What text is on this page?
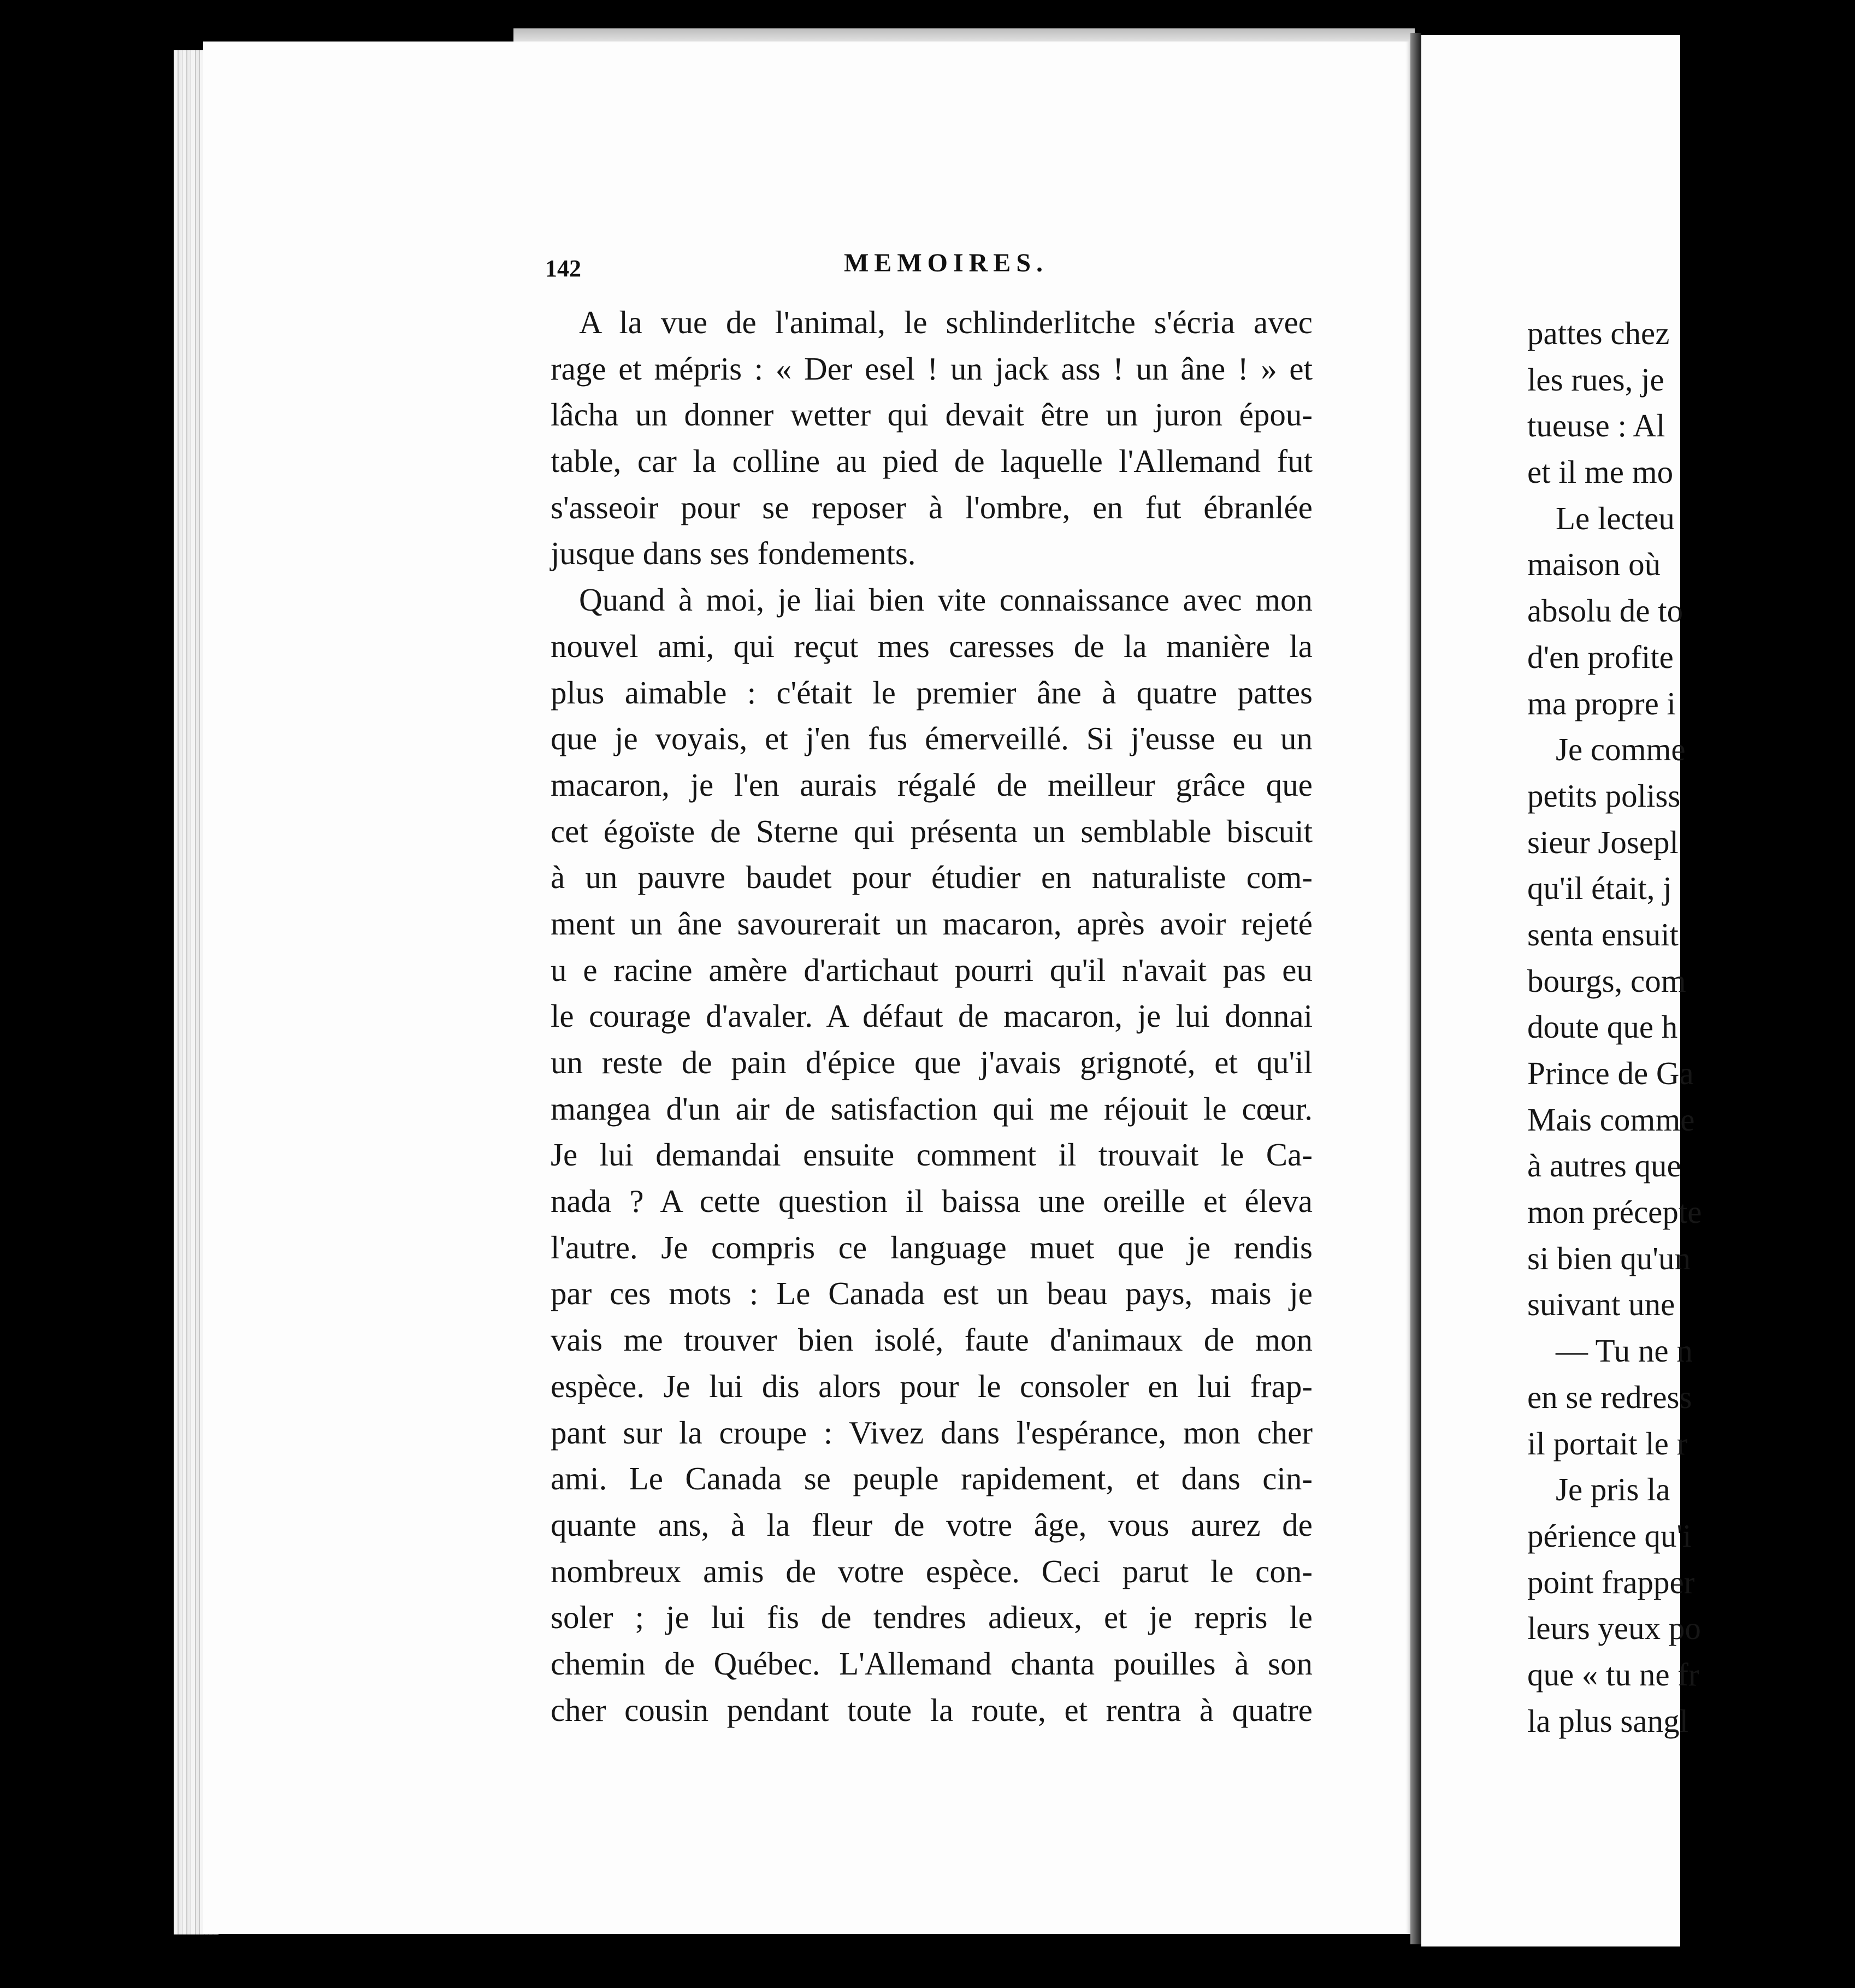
142	MEMOIRES.
A la vue de l'animal, le schlinderlitche s'écria avec
rage et mépris : « Der esel ! un jack ass ! un âne ! » et
lâcha un donner wetter qui devait être un juron épou-
table, car la colline au pied de laquelle l'Allemand fut
s'asseoir pour se reposer à l'ombre, en fut ébranlée
jusque dans ses fondements.
Quand à moi, je liai bien vite connaissance avec mon
nouvel ami, qui reçut mes caresses de la manière la
plus aimable : c'était le premier âne à quatre pattes
que je voyais, et j'en fus émerveillé. Si j'eusse eu un
macaron, je l'en aurais régalé de meilleur grâce que
cet égoïste de Sterne qui présenta un semblable biscuit
à un pauvre baudet pour étudier en naturaliste com-
ment un âne savourerait un macaron, après avoir rejeté
u e racine amère d'artichaut pourri qu'il n'avait pas eu
le courage d'avaler. A défaut de macaron, je lui donnai
un reste de pain d'épice que j'avais grignoté, et qu'il
mangea d'un air de satisfaction qui me réjouit le cœur.
Je lui demandai ensuite comment il trouvait le Ca-
nada ? A cette question il baissa une oreille et éleva
l'autre. Je compris ce language muet que je rendis
par ces mots : Le Canada est un beau pays, mais je
vais me trouver bien isolé, faute d'animaux de mon
espèce. Je lui dis alors pour le consoler en lui frap-
pant sur la croupe : Vivez dans l'espérance, mon cher
ami. Le Canada se peuple rapidement, et dans cin-
quante ans, à la fleur de votre âge, vous aurez de
nombreux amis de votre espèce. Ceci parut le con-
soler ; je lui fis de tendres adieux, et je repris le
chemin de Québec. L'Allemand chanta pouilles à son
cher cousin pendant toute la route, et rentra à quatre
pattes chez
les rues, je
tueuse : Al
et il me mo
Le lecteu
maison où
absolu de to
d'en profite
ma propre i
Je comme
petits poliss
sieur Josepl
qu'il était, j
senta ensuit
bourgs, com
doute que h
Prince de Ga
Mais comme
à autres que
mon précepte
si bien qu'un
suivant une
— Tu ne n
en se redress
il portait le r
Je pris la
périence qu'i
point frapper
leurs yeux po
que « tu ne fr
la plus sangl
